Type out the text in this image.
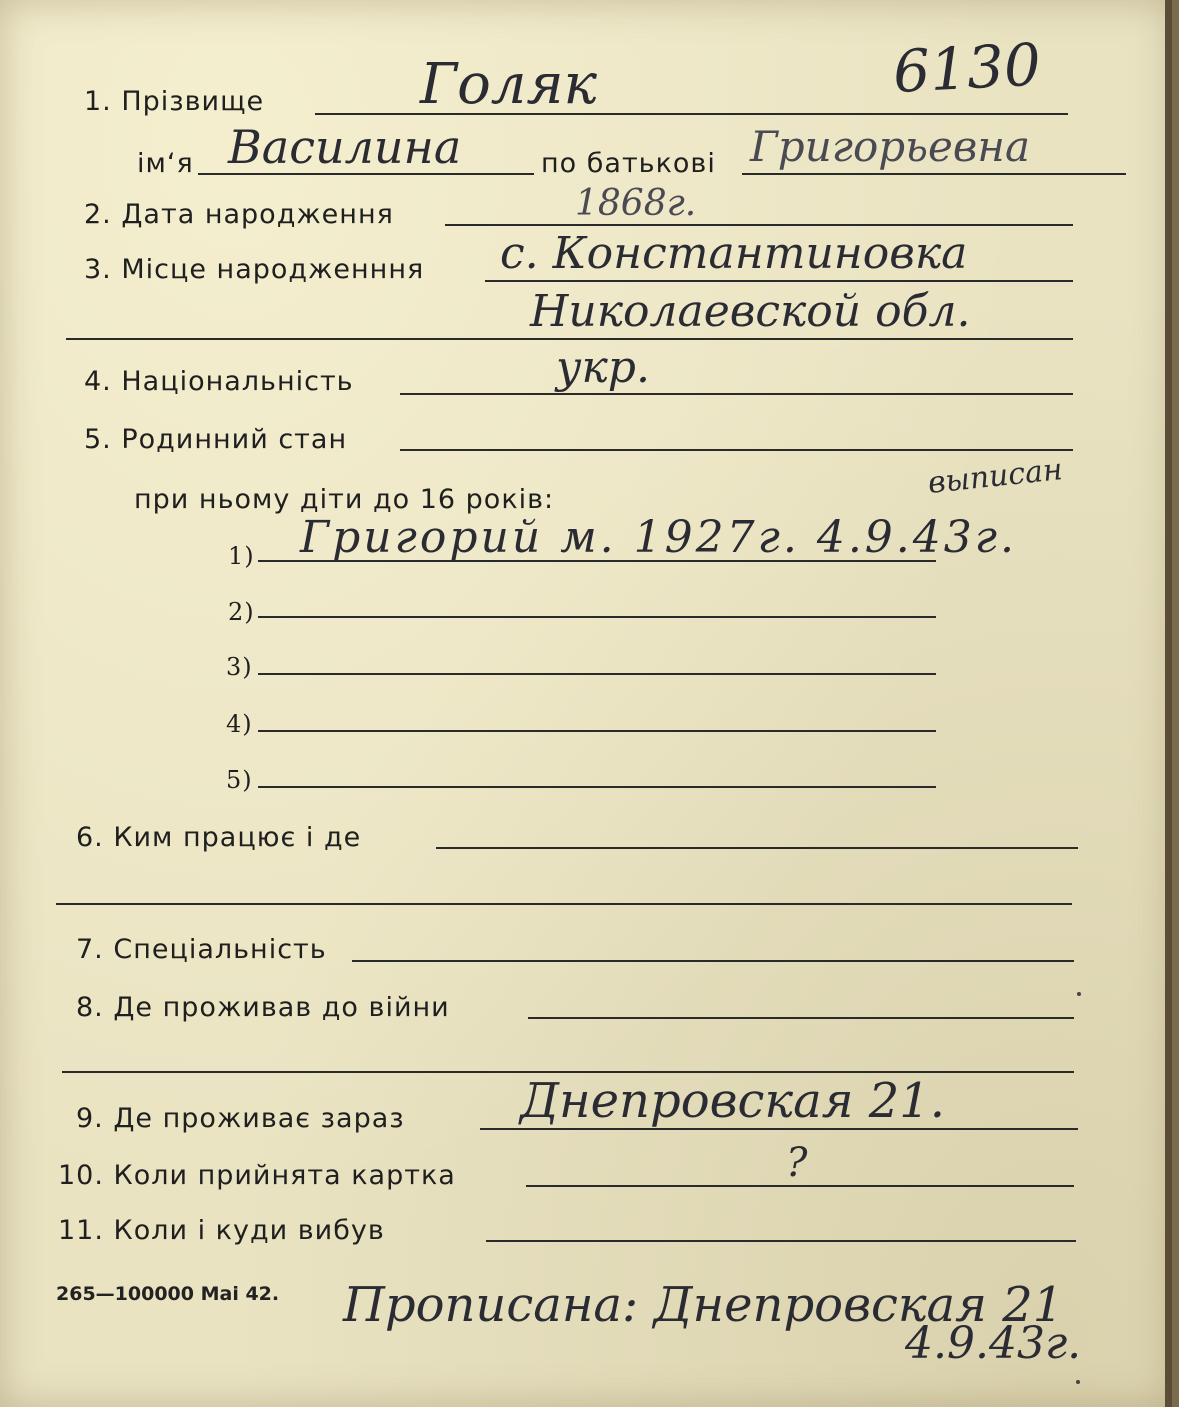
6130
1. Прізвище	Голяк
ім‘я Василина	по батькові Григорьевна
2. Дата народження	1868г.
3. Місце народженння с. Константиновка
Николаевской обл.
4. Національність	укр.
5. Родинний стан
при ньому діти до 16 років:	выписан
1) Григорий м. 1927г. 4.9.43г.
2)
3)
4)
5)
6. Ким працює і де
7. Спеціальність
8. Де проживав до війни
9. Де проживає зараз Днепровская 21.
10. Коли прийнята картка	?
11. Коли і куди вибув
265—100000 Mai 42. Прописана: Днепровская 21
4.9.43г.
